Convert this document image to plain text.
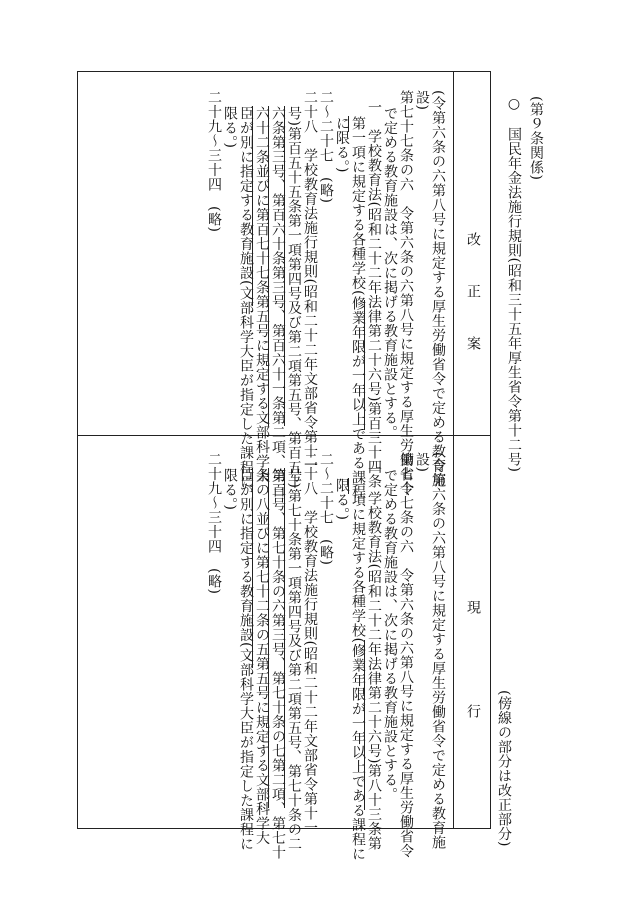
(第９条関係)
○　国民年金法施行規則(昭和三十五年厚生省令第十二号)
(傍線の部分は改正部分)
改　正　案
現　　　行
(令第六条の六第八号に規定する厚生労働省令で定める教育施
設)
第七十七条の六　令第六条の六第八号に規定する厚生労働省令
で定める教育施設は、次に掲げる教育施設とする。
一　学校教育法(昭和二十二年法律第二十六号)第百三十四条
第一項に規定する各種学校(修業年限が一年以上である課程
に限る。)
二〜二十七　(略)
二十八　学校教育法施行規則(昭和二十二年文部省令第十一
号)第百五十五条第一項第四号及び第二項第五号、第百五十
六条第三号、第百六十条第三号、第百六十一条第二項、第百
六十二条並びに第百七十七条第五号に規定する文部科学大
臣が別に指定する教育施設(文部科学大臣が指定した課程に
限る。)
二十九〜三十四　(略)
(令第六条の六第八号に規定する厚生労働省令で定める教育施
設)
第七十七条の六　令第六条の六第八号に規定する厚生労働省令
で定める教育施設は、次に掲げる教育施設とする。
一　学校教育法(昭和二十二年法律第二十六号)第八十三条第
一項に規定する各種学校(修業年限が一年以上である課程に
限る。)
二〜二十七　(略)
二十八　学校教育法施行規則(昭和二十二年文部省令第十一
号)第七十条第一項第四号及び第二項第五号、第七十条の二
第三号、第七十条の六第三号、第七十条の七第二項、第七十
条の八並びに第七十二条の五第五号に規定する文部科学大
臣が別に指定する教育施設(文部科学大臣が指定した課程に
限る。)
二十九〜三十四　(略)
